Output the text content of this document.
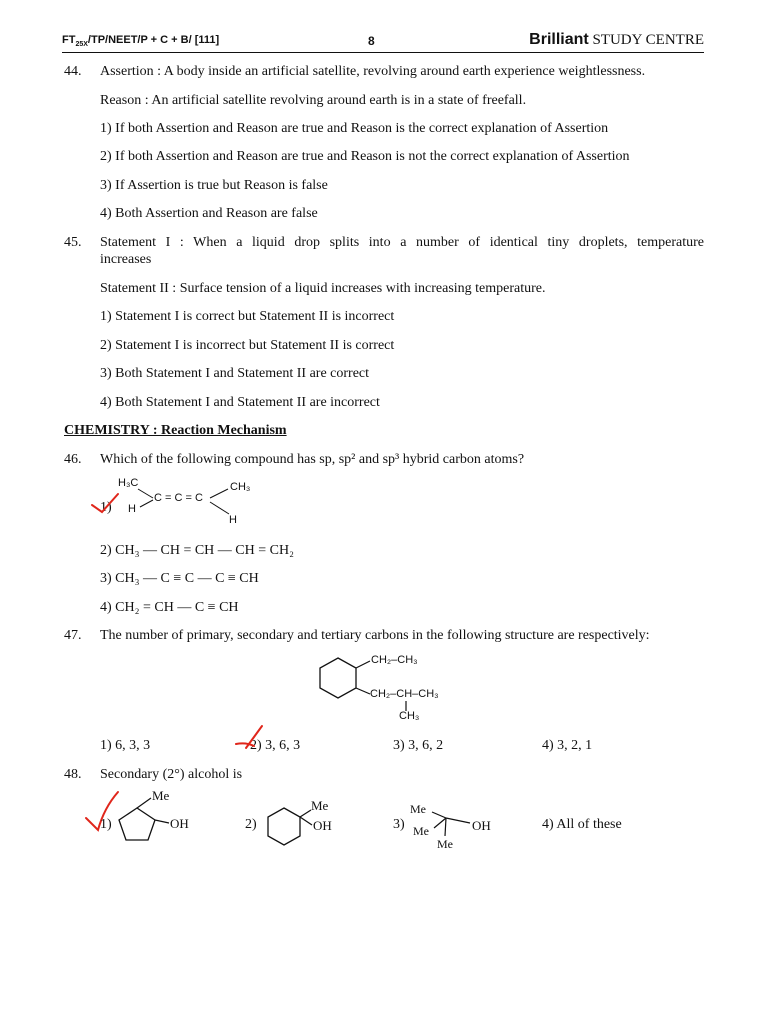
$FT_{25X}/TP/NEET/P + C + B/$ [111]	8	Brilliant STUDY CENTRE
44. Assertion : A body inside an artificial satellite, revolving around earth experience weightlessness.
Reason : An artificial satellite revolving around earth is in a state of freefall.
1) If both Assertion and Reason are true and Reason is the correct explanation of Assertion
2) If both Assertion and Reason are true and Reason is not the correct explanation of Assertion
3) If Assertion is true but Reason is false
4) Both Assertion and Reason are false
45. Statement I : When a liquid drop splits into a number of identical tiny droplets, temperature
increases
Statement II : Surface tension of a liquid increases with increasing temperature.
1) Statement I is correct but Statement II is incorrect
2) Statement I is incorrect but Statement II is correct
3) Both Statement I and Statement II are correct
4) Both Statement I and Statement II are incorrect
CHEMISTRY : Reaction Mechanism
46. Which of the following compound has sp, sp² and sp³ hybrid carbon atoms?
1)
H₃C
H
C = C = C
CH₃
H
2) CH₃ — CH = CH — CH = CH₂
3) CH₃ — C ≡ C — C ≡ CH
4) CH₂ = CH — C ≡ CH
47. The number of primary, secondary and tertiary carbons in the following structure are respectively:
CH₂–CH₃
CH₂–CH–CH₃
CH₃
1) 6, 3, 3	2) 3, 6, 3	3) 3, 6, 2	4) 3, 2, 1
48. Secondary (2°) alcohol is
1)
Me
OH	2)
Me
OH	3)
Me
Me
Me
OH	4) All of these
